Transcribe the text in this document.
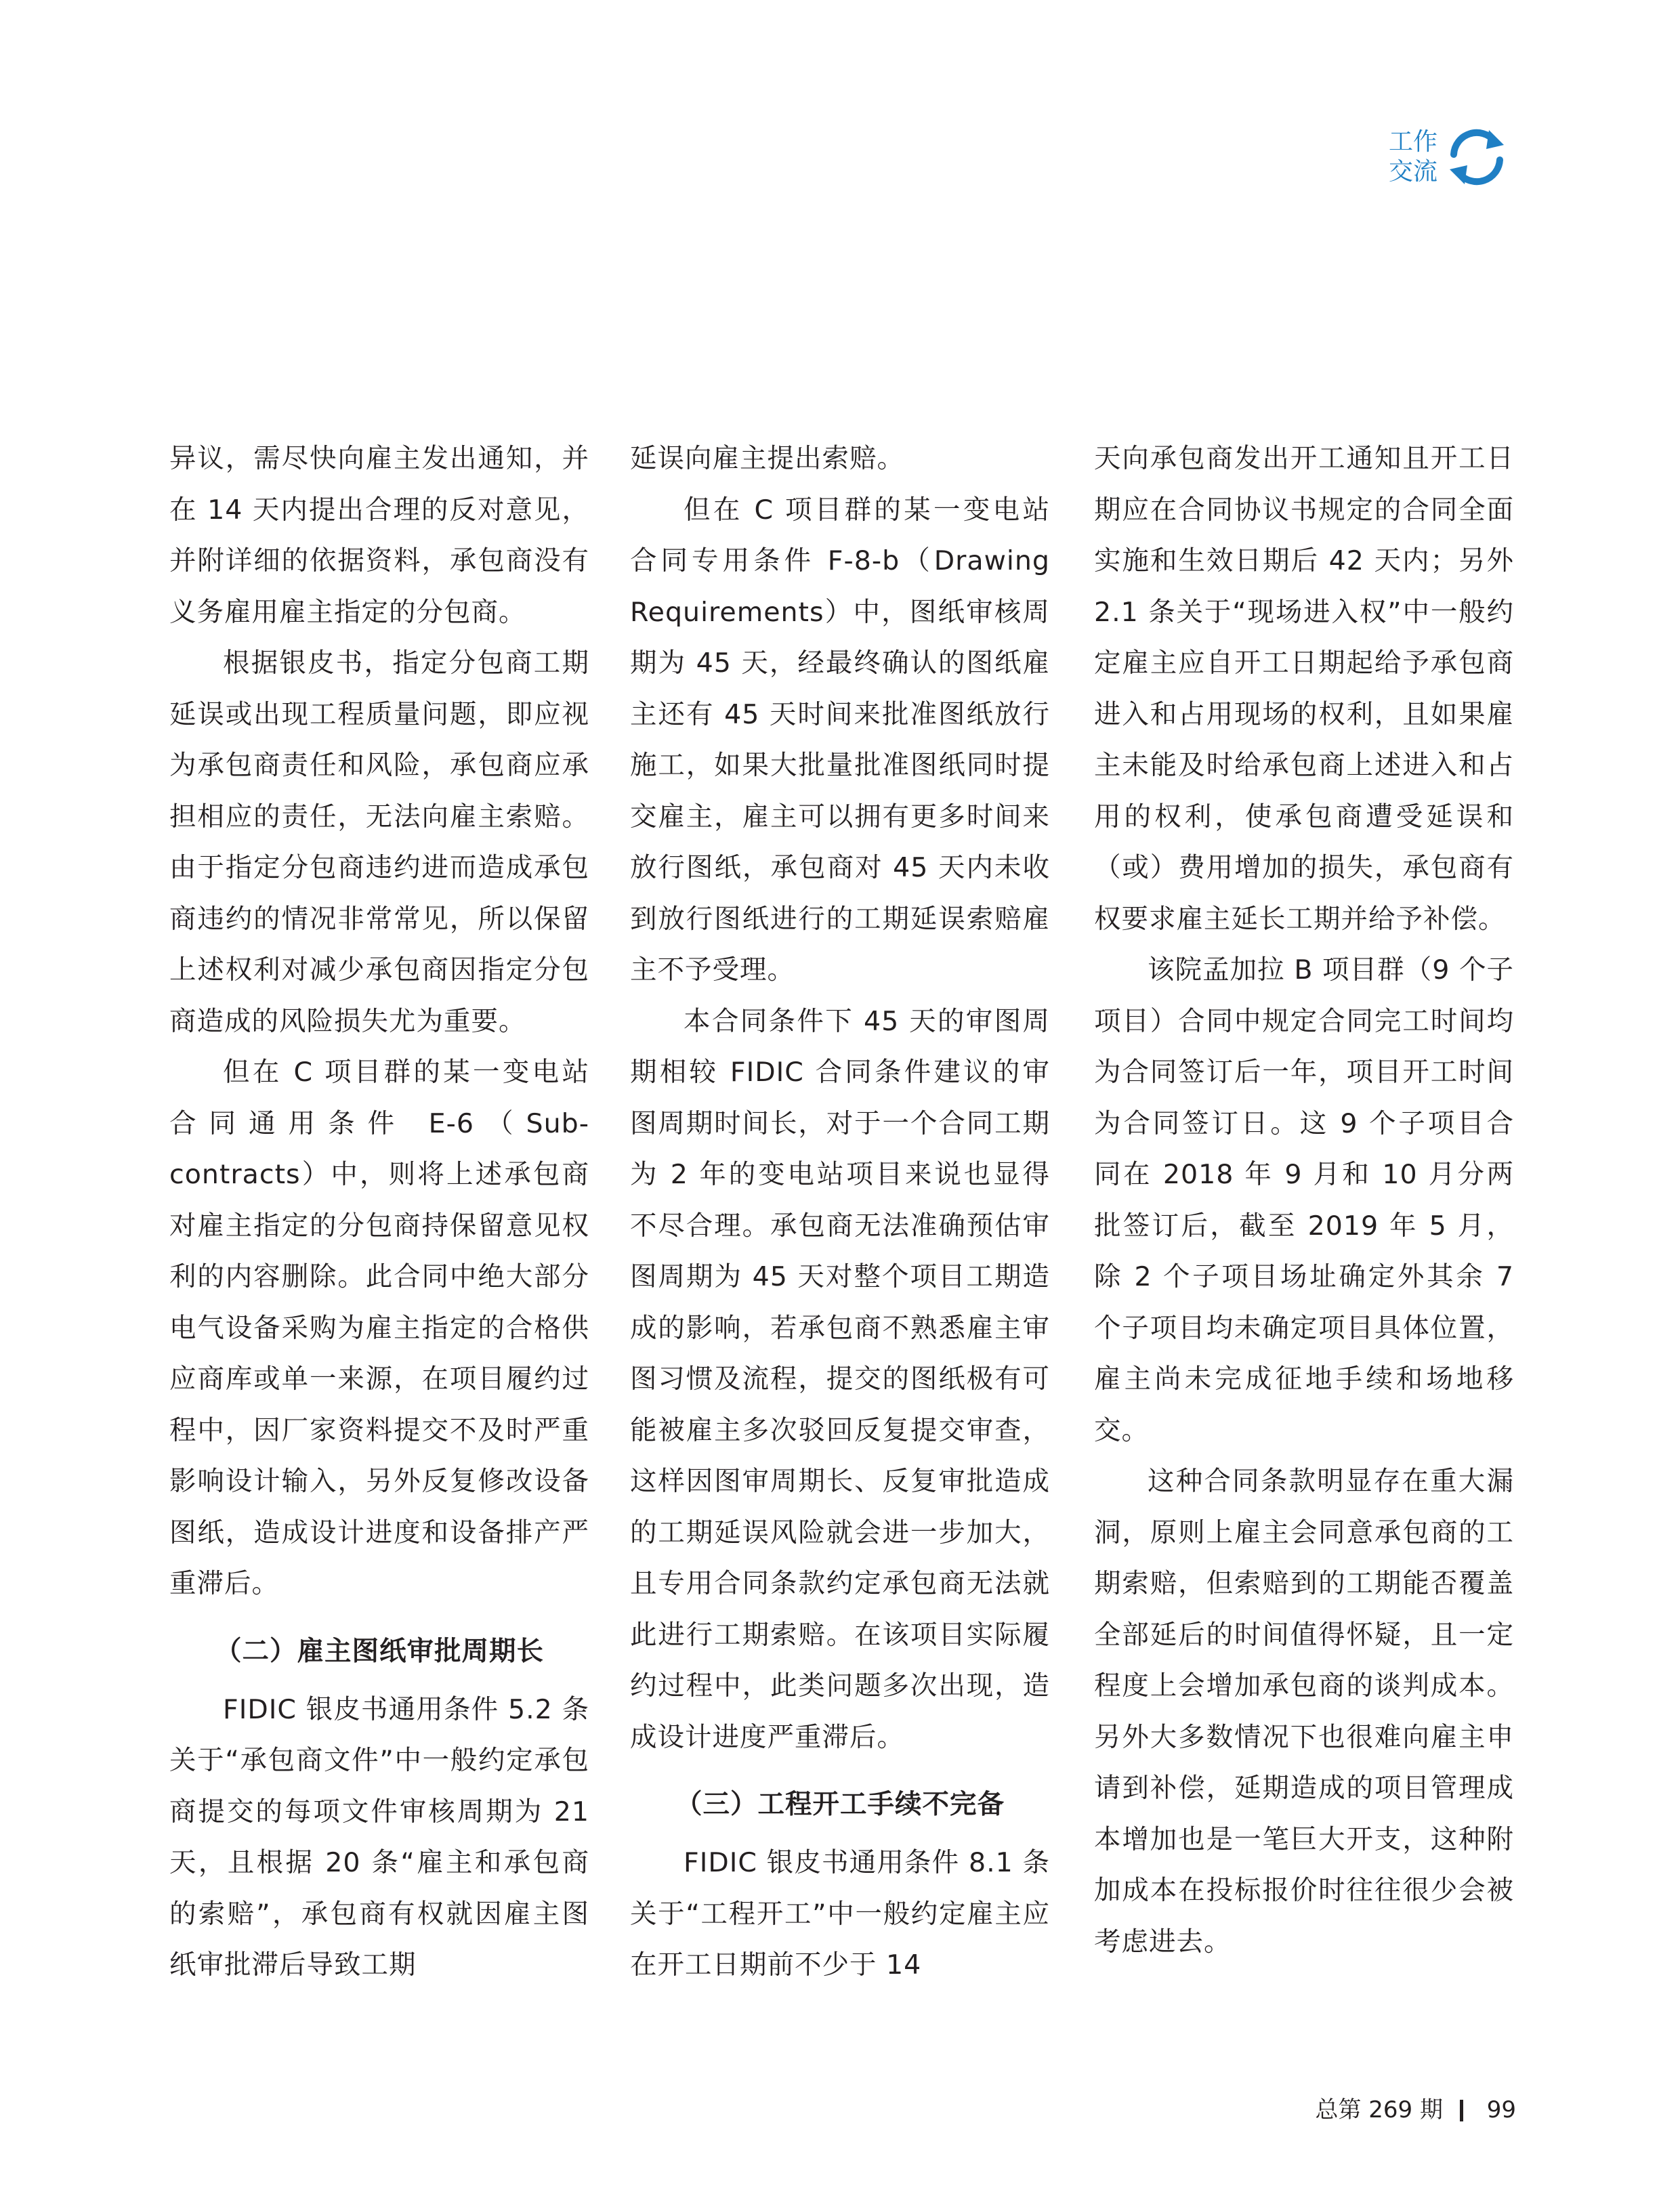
工作
交流

异议，需尽快向雇主发出通知，并在 14 天内提出合理的反对意见，并附详细的依据资料，承包商没有义务雇用雇主指定的分包商。

根据银皮书，指定分包商工期延误或出现工程质量问题，即应视为承包商责任和风险，承包商应承担相应的责任，无法向雇主索赔。由于指定分包商违约进而造成承包商违约的情况非常常见，所以保留上述权利对减少承包商因指定分包商造成的风险损失尤为重要。

但在 C 项目群的某一变电站合同通用条件 E-6（Sub-contracts）中，则将上述承包商对雇主指定的分包商持保留意见权利的内容删除。此合同中绝大部分电气设备采购为雇主指定的合格供应商库或单一来源，在项目履约过程中，因厂家资料提交不及时严重影响设计输入，另外反复修改设备图纸，造成设计进度和设备排产严重滞后。

（二）雇主图纸审批周期长

FIDIC 银皮书通用条件 5.2 条关于“承包商文件”中一般约定承包商提交的每项文件审核周期为 21 天，且根据 20 条“雇主和承包商的索赔”，承包商有权就因雇主图纸审批滞后导致工期

延误向雇主提出索赔。

但在 C 项目群的某一变电站合同专用条件 F-8-b（Drawing Requirements）中，图纸审核周期为 45 天，经最终确认的图纸雇主还有 45 天时间来批准图纸放行施工，如果大批量批准图纸同时提交雇主，雇主可以拥有更多时间来放行图纸，承包商对 45 天内未收到放行图纸进行的工期延误索赔雇主不予受理。

本合同条件下 45 天的审图周期相较 FIDIC 合同条件建议的审图周期时间长，对于一个合同工期为 2 年的变电站项目来说也显得不尽合理。承包商无法准确预估审图周期为 45 天对整个项目工期造成的影响，若承包商不熟悉雇主审图习惯及流程，提交的图纸极有可能被雇主多次驳回反复提交审查，这样因图审周期长、反复审批造成的工期延误风险就会进一步加大，且专用合同条款约定承包商无法就此进行工期索赔。在该项目实际履约过程中，此类问题多次出现，造成设计进度严重滞后。

（三）工程开工手续不完备

FIDIC 银皮书通用条件 8.1 条关于“工程开工”中一般约定雇主应在开工日期前不少于 14

天向承包商发出开工通知且开工日期应在合同协议书规定的合同全面实施和生效日期后 42 天内；另外 2.1 条关于“现场进入权”中一般约定雇主应自开工日期起给予承包商进入和占用现场的权利，且如果雇主未能及时给承包商上述进入和占用的权利，使承包商遭受延误和（或）费用增加的损失，承包商有权要求雇主延长工期并给予补偿。

该院孟加拉 B 项目群（9 个子项目）合同中规定合同完工时间均为合同签订后一年，项目开工时间为合同签订日。这 9 个子项目合同在 2018 年 9 月和 10 月分两批签订后，截至 2019 年 5 月，除 2 个子项目场址确定外其余 7 个子项目均未确定项目具体位置，雇主尚未完成征地手续和场地移交。

这种合同条款明显存在重大漏洞，原则上雇主会同意承包商的工期索赔，但索赔到的工期能否覆盖全部延后的时间值得怀疑，且一定程度上会增加承包商的谈判成本。另外大多数情况下也很难向雇主申请到补偿，延期造成的项目管理成本增加也是一笔巨大开支，这种附加成本在投标报价时往往很少会被考虑进去。

总第 269 期 99
